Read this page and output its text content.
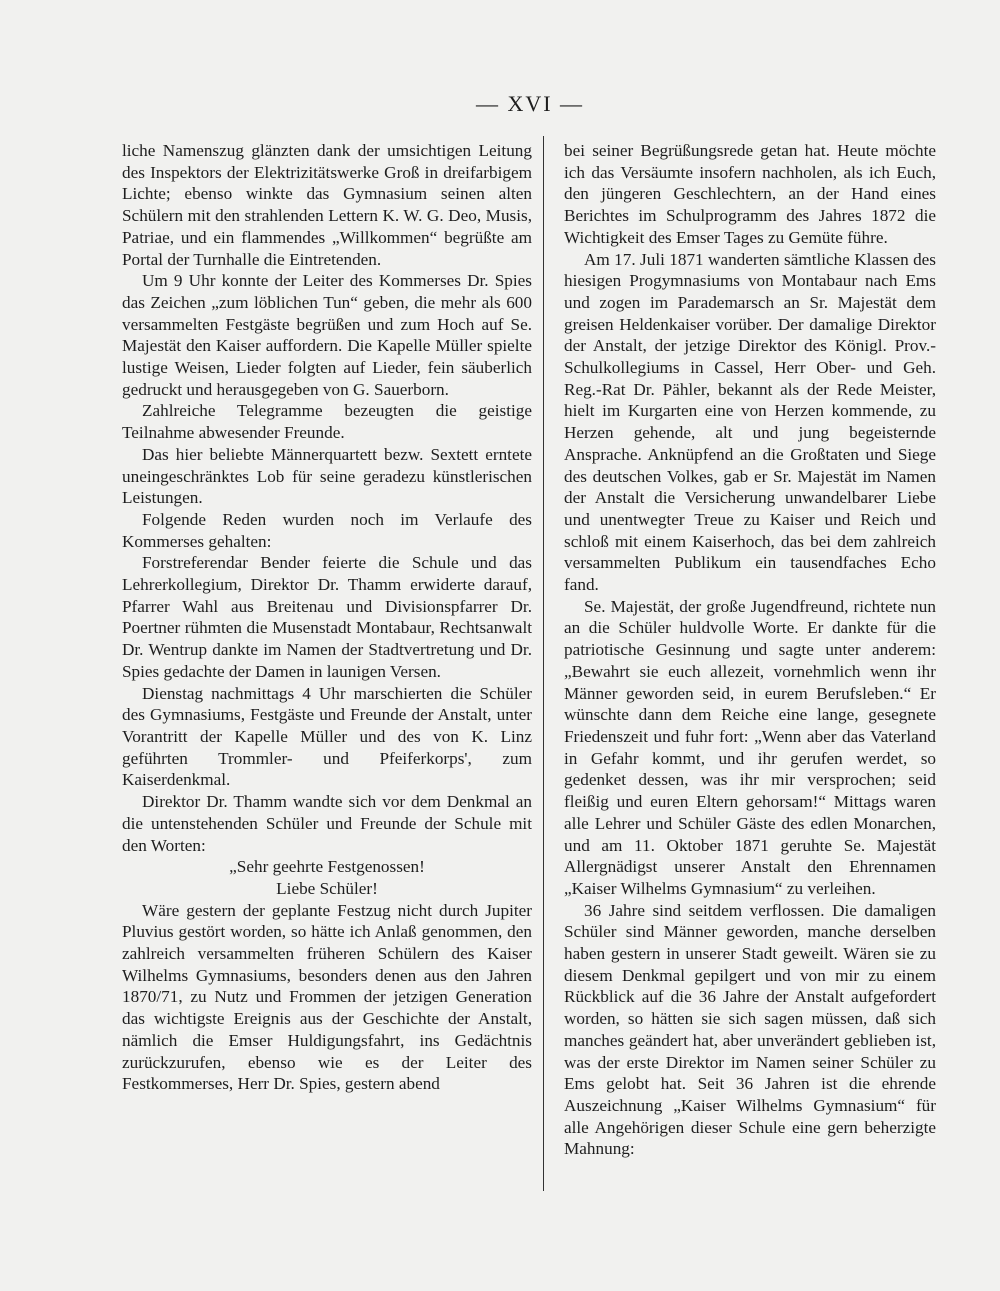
— XVI —

liche Namenszug glänzten dank der umsichtigen Leitung des Inspektors der Elektrizitätswerke Groß in dreifarbigem Lichte; ebenso winkte das Gymnasium seinen alten Schülern mit den strahlenden Lettern K. W. G. Deo, Musis, Patriae, und ein flammendes „Willkommen“ begrüßte am Portal der Turnhalle die Eintretenden.

Um 9 Uhr konnte der Leiter des Kommerses Dr. Spies das Zeichen „zum löblichen Tun“ geben, die mehr als 600 versammelten Festgäste begrüßen und zum Hoch auf Se. Majestät den Kaiser auffordern. Die Kapelle Müller spielte lustige Weisen, Lieder folgten auf Lieder, fein säuberlich gedruckt und herausgegeben von G. Sauerborn.

Zahlreiche Telegramme bezeugten die geistige Teilnahme abwesender Freunde.

Das hier beliebte Männerquartett bezw. Sextett erntete uneingeschränktes Lob für seine geradezu künstlerischen Leistungen.

Folgende Reden wurden noch im Verlaufe des Kommerses gehalten:

Forstreferendar Bender feierte die Schule und das Lehrerkollegium, Direktor Dr. Thamm erwiderte darauf, Pfarrer Wahl aus Breitenau und Divisionspfarrer Dr. Poertner rühmten die Musenstadt Montabaur, Rechtsanwalt Dr. Wentrup dankte im Namen der Stadtvertretung und Dr. Spies gedachte der Damen in launigen Versen.

Dienstag nachmittags 4 Uhr marschierten die Schüler des Gymnasiums, Festgäste und Freunde der Anstalt, unter Vorantritt der Kapelle Müller und des von K. Linz geführten Trommler- und Pfeiferkorps', zum Kaiserdenkmal.

Direktor Dr. Thamm wandte sich vor dem Denkmal an die untenstehenden Schüler und Freunde der Schule mit den Worten:

„Sehr geehrte Festgenossen!

Liebe Schüler!

Wäre gestern der geplante Festzug nicht durch Jupiter Pluvius gestört worden, so hätte ich Anlaß genommen, den zahlreich versammelten früheren Schülern des Kaiser Wilhelms Gymnasiums, besonders denen aus den Jahren 1870/71, zu Nutz und Frommen der jetzigen Generation das wichtigste Ereignis aus der Geschichte der Anstalt, nämlich die Emser Huldigungsfahrt, ins Gedächtnis zurückzurufen, ebenso wie es der Leiter des Festkommerses, Herr Dr. Spies, gestern abend

bei seiner Begrüßungsrede getan hat. Heute möchte ich das Versäumte insofern nachholen, als ich Euch, den jüngeren Geschlechtern, an der Hand eines Berichtes im Schulprogramm des Jahres 1872 die Wichtigkeit des Emser Tages zu Gemüte führe.

Am 17. Juli 1871 wanderten sämtliche Klassen des hiesigen Progymnasiums von Montabaur nach Ems und zogen im Parademarsch an Sr. Majestät dem greisen Heldenkaiser vorüber. Der damalige Direktor der Anstalt, der jetzige Direktor des Königl. Prov.-Schulkollegiums in Cassel, Herr Ober- und Geh. Reg.-Rat Dr. Pähler, bekannt als der Rede Meister, hielt im Kurgarten eine von Herzen kommende, zu Herzen gehende, alt und jung begeisternde Ansprache. Anknüpfend an die Großtaten und Siege des deutschen Volkes, gab er Sr. Majestät im Namen der Anstalt die Versicherung unwandelbarer Liebe und unentwegter Treue zu Kaiser und Reich und schloß mit einem Kaiserhoch, das bei dem zahlreich versammelten Publikum ein tausendfaches Echo fand.

Se. Majestät, der große Jugendfreund, richtete nun an die Schüler huldvolle Worte. Er dankte für die patriotische Gesinnung und sagte unter anderem: „Bewahrt sie euch allezeit, vornehmlich wenn ihr Männer geworden seid, in eurem Berufsleben.“ Er wünschte dann dem Reiche eine lange, gesegnete Friedenszeit und fuhr fort: „Wenn aber das Vaterland in Gefahr kommt, und ihr gerufen werdet, so gedenket dessen, was ihr mir versprochen; seid fleißig und euren Eltern gehorsam!“ Mittags waren alle Lehrer und Schüler Gäste des edlen Monarchen, und am 11. Oktober 1871 geruhte Se. Majestät Allergnädigst unserer Anstalt den Ehrennamen „Kaiser Wilhelms Gymnasium“ zu verleihen.

36 Jahre sind seitdem verflossen. Die damaligen Schüler sind Männer geworden, manche derselben haben gestern in unserer Stadt geweilt. Wären sie zu diesem Denkmal gepilgert und von mir zu einem Rückblick auf die 36 Jahre der Anstalt aufgefordert worden, so hätten sie sich sagen müssen, daß sich manches geändert hat, aber unverändert geblieben ist, was der erste Direktor im Namen seiner Schüler zu Ems gelobt hat. Seit 36 Jahren ist die ehrende Auszeichnung „Kaiser Wilhelms Gymnasium“ für alle Angehörigen dieser Schule eine gern beherzigte Mahnung:
